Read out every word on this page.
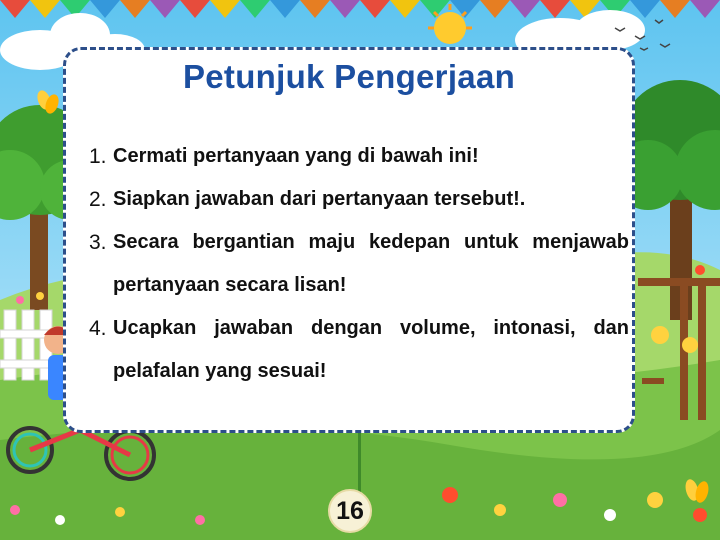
Petunjuk Pengerjaan
1. Cermati pertanyaan yang di bawah ini!
2. Siapkan jawaban dari pertanyaan tersebut!.
3. Secara bergantian maju kedepan untuk menjawab pertanyaan secara lisan!
4. Ucapkan jawaban dengan volume, intonasi, dan pelafalan yang sesuai!
16
